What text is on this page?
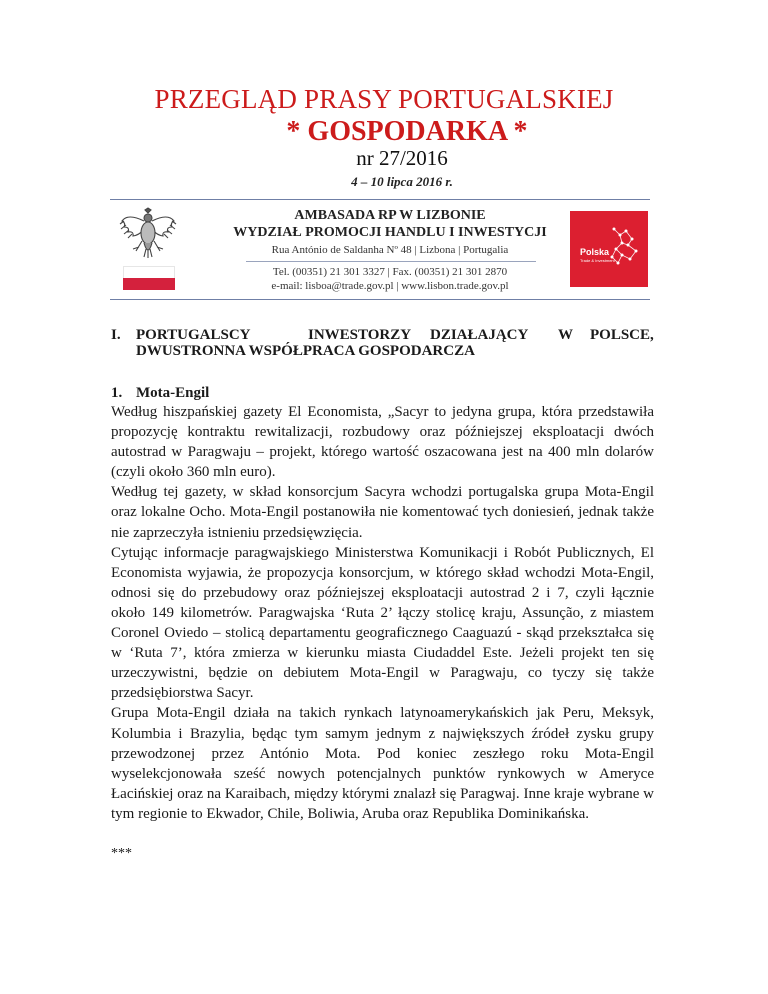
PRZEGLĄD PRASY PORTUGALSKIEJ
* GOSPODARKA *
nr 27/2016
4 – 10 lipca 2016 r.
AMBASADA RP W LIZBONIE
WYDZIAŁ PROMOCJI HANDLU I INWESTYCJI
Rua António de Saldanha Nº 48 | Lizbona | Portugalia
Tel. (00351) 21 301 3327 | Fax. (00351) 21 301 2870
e-mail: lisboa@trade.gov.pl | www.lisbon.trade.gov.pl
Polska
Trade & Investment
I. PORTUGALSCY	INWESTORZY DZIAŁAJĄCY W POLSCE,
DWUSTRONNA WSPÓŁPRACA GOSPODARCZA
1. Mota-Engil

Według hiszpańskiej gazety El Economista, „Sacyr to jedyna grupa, która przedstawiła propozycję kontraktu rewitalizacji, rozbudowy oraz późniejszej eksploatacji dwóch autostrad w Paragwaju – projekt, którego wartość oszacowana jest na 400 mln dolarów (czyli około 360 mln euro).

Według tej gazety, w skład konsorcjum Sacyra wchodzi portugalska grupa Mota-Engil oraz lokalne Ocho. Mota-Engil postanowiła nie komentować tych doniesień, jednak także nie zaprzeczyła istnieniu przedsięwzięcia.

Cytując informacje paragwajskiego Ministerstwa Komunikacji i Robót Publicznych, El Economista wyjawia, że propozycja konsorcjum, w którego skład wchodzi Mota-Engil, odnosi się do przebudowy oraz późniejszej eksploatacji autostrad 2 i 7, czyli łącznie około 149 kilometrów. Paragwajska ‘Ruta 2’ łączy stolicę kraju, Assunção, z miastem Coronel Oviedo – stolicą departamentu geograficznego Caaguazú - skąd przekształca się w ‘Ruta 7’, która zmierza w kierunku miasta Ciudaddel Este. Jeżeli projekt ten się urzeczywistni, będzie on debiutem Mota-Engil w Paragwaju, co tyczy się także przedsiębiorstwa Sacyr.

Grupa Mota-Engil działa na takich rynkach latynoamerykańskich jak Peru, Meksyk, Kolumbia i Brazylia, będąc tym samym jednym z największych źródeł zysku grupy przewodzonej przez António Mota. Pod koniec zeszłego roku Mota-Engil wyselekcjonowała sześć nowych potencjalnych punktów rynkowych w Ameryce Łacińskiej oraz na Karaibach, między którymi znalazł się Paragwaj. Inne kraje wybrane w tym regionie to Ekwador, Chile, Boliwia, Aruba oraz Republika Dominikańska.

***
